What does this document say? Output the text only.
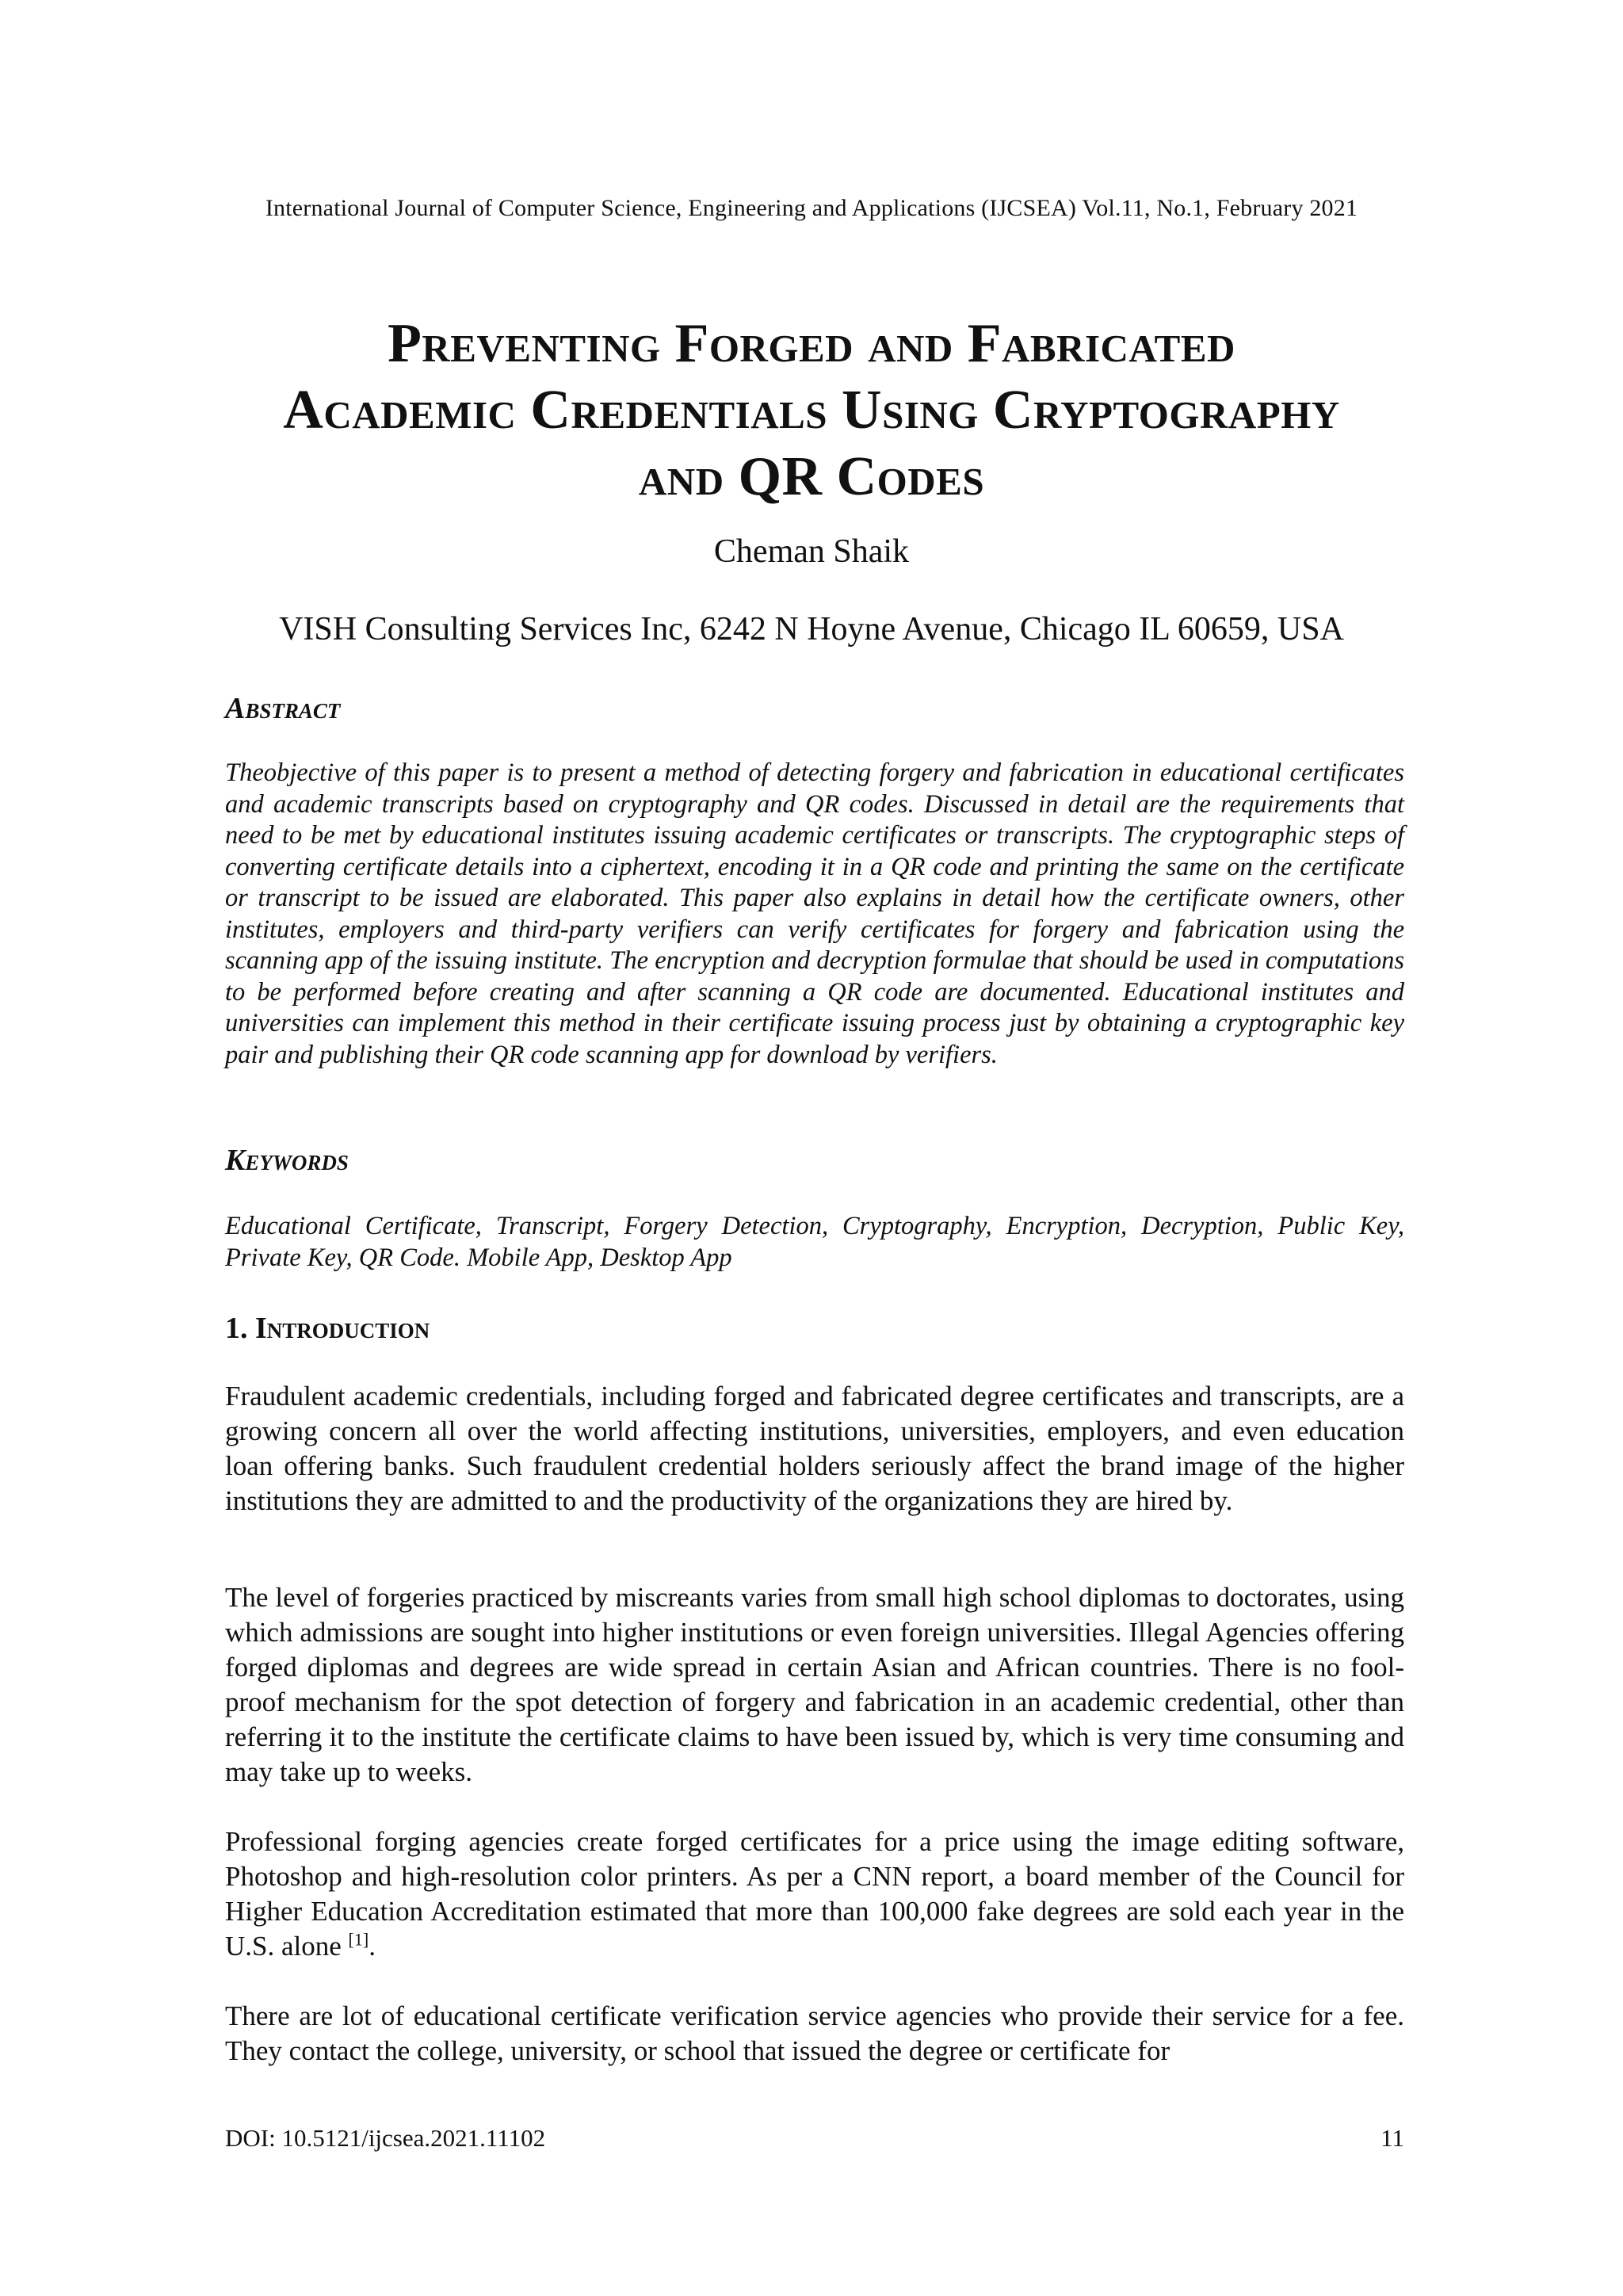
International Journal of Computer Science, Engineering and Applications (IJCSEA) Vol.11, No.1, February 2021
Preventing Forged and Fabricated
Academic Credentials Using Cryptography
and QR Codes
Cheman Shaik
VISH Consulting Services Inc, 6242 N Hoyne Avenue, Chicago IL 60659, USA
Abstract
Theobjective of this paper is to present a method of detecting forgery and fabrication in educational certificates and academic transcripts based on cryptography and QR codes. Discussed in detail are the requirements that need to be met by educational institutes issuing academic certificates or transcripts. The cryptographic steps of converting certificate details into a ciphertext, encoding it in a QR code and printing the same on the certificate or transcript to be issued are elaborated. This paper also explains in detail how the certificate owners, other institutes, employers and third-party verifiers can verify certificates for forgery and fabrication using the scanning app of the issuing institute. The encryption and decryption formulae that should be used in computations to be performed before creating and after scanning a QR code are documented. Educational institutes and universities can implement this method in their certificate issuing process just by obtaining a cryptographic key pair and publishing their QR code scanning app for download by verifiers.
Keywords
Educational Certificate, Transcript, Forgery Detection, Cryptography, Encryption, Decryption, Public Key, Private Key, QR Code. Mobile App, Desktop App
1. Introduction
Fraudulent academic credentials, including forged and fabricated degree certificates and transcripts, are a growing concern all over the world affecting institutions, universities, employers, and even education loan offering banks. Such fraudulent credential holders seriously affect the brand image of the higher institutions they are admitted to and the productivity of the organizations they are hired by.
The level of forgeries practiced by miscreants varies from small high school diplomas to doctorates, using which admissions are sought into higher institutions or even foreign universities. Illegal Agencies offering forged diplomas and degrees are wide spread in certain Asian and African countries. There is no fool-proof mechanism for the spot detection of forgery and fabrication in an academic credential, other than referring it to the institute the certificate claims to have been issued by, which is very time consuming and may take up to weeks.
Professional forging agencies create forged certificates for a price using the image editing software, Photoshop and high-resolution color printers. As per a CNN report, a board member of the Council for Higher Education Accreditation estimated that more than 100,000 fake degrees are sold each year in the U.S. alone [1].
There are lot of educational certificate verification service agencies who provide their service for a fee. They contact the college, university, or school that issued the degree or certificate for
DOI: 10.5121/ijcsea.2021.11102	11
